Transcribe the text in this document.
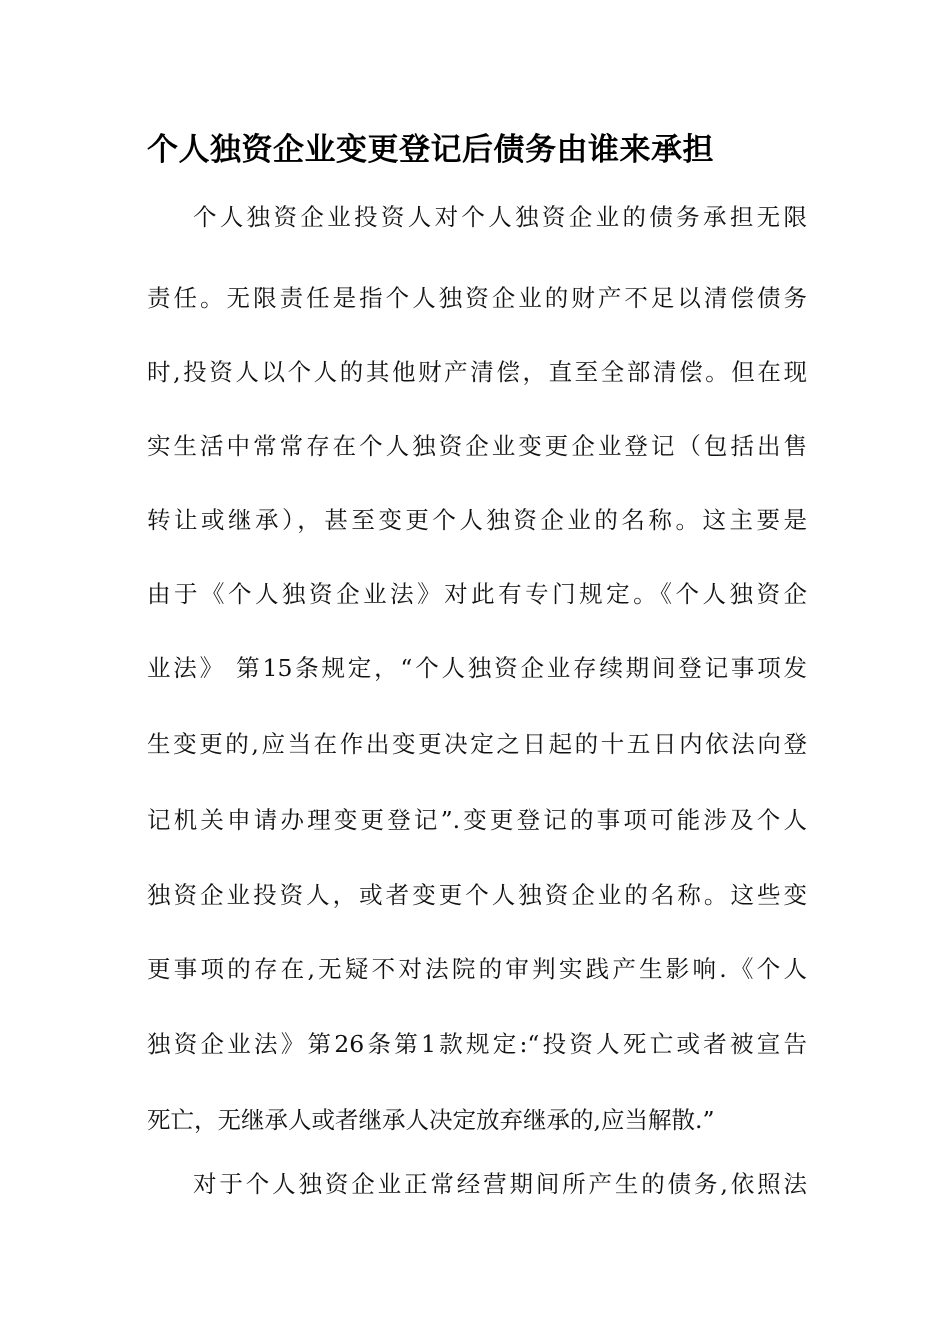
个人独资企业变更登记后债务由谁来承担
个人独资企业投资人对个人独资企业的债务承担无限
责任。无限责任是指个人独资企业的财产不足以清偿债务
时,投资人以个人的其他财产清偿，直至全部清偿。但在现
实生活中常常存在个人独资企业变更企业登记（包括出售
转让或继承），甚至变更个人独资企业的名称。这主要是
由于《个人独资企业法》对此有专门规定。《个人独资企
业法》 第15条规定，“个人独资企业存续期间登记事项发
生变更的,应当在作出变更决定之日起的十五日内依法向登
记机关申请办理变更登记”.变更登记的事项可能涉及个人
独资企业投资人，或者变更个人独资企业的名称。这些变
更事项的存在,无疑不对法院的审判实践产生影响.《个人
独资企业法》第26条第1款规定:“投资人死亡或者被宣告
死亡，无继承人或者继承人决定放弃继承的,应当解散.”
对于个人独资企业正常经营期间所产生的债务,依照法
